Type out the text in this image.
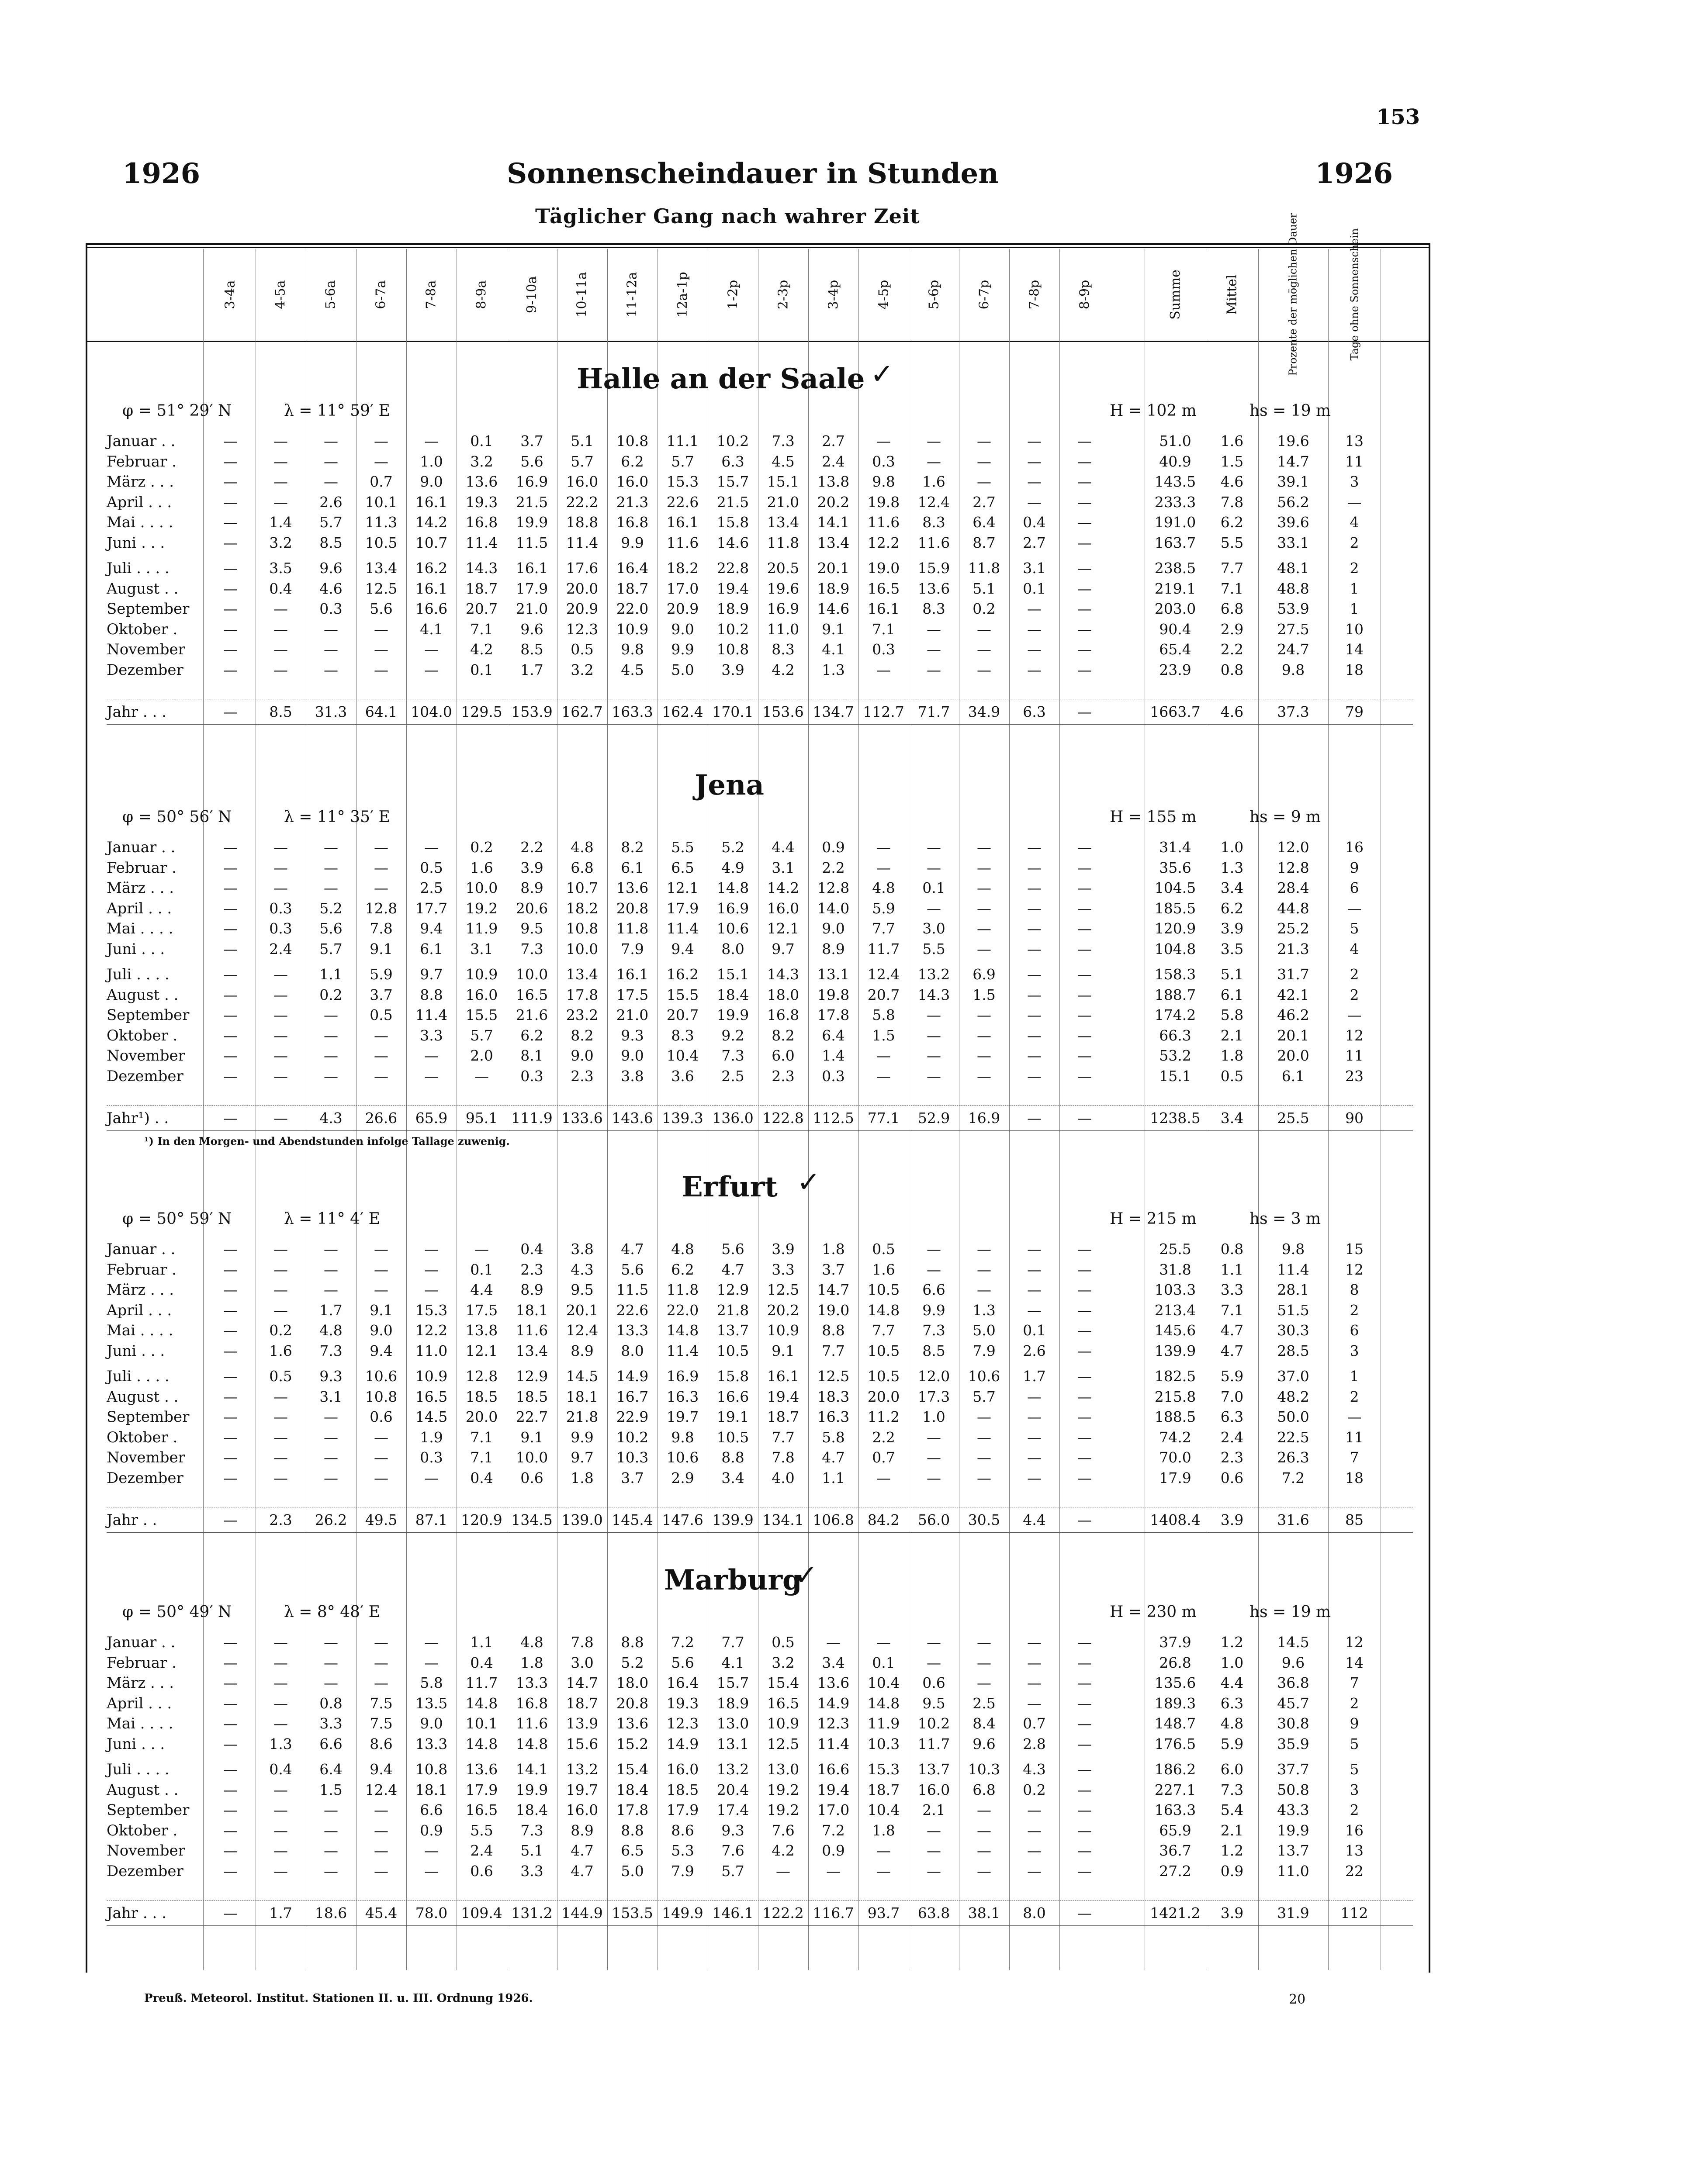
153
1926	Sonnenscheindauer in Stunden	1926
Täglicher Gang nach wahrer Zeit
3-4a	4-5a	5-6a	6-7a	7-8a	8-9a	9-10a	10-11a	11-12a	12a-1p	1-2p	2-3p	3-4p	4-5p	5-6p	6-7p	7-8p	8-9p	Summe	Mittel	Prozente der möglichen Dauer	Tage ohne Sonnenschein
Halle an der Saale ✓
φ = 51° 29′ N	λ = 11° 59′ E	H = 102 m	hs = 19 m
Januar . .	—	—	—	—	—	0.1	3.7	5.1	10.8	11.1	10.2	7.3	2.7	—	—	—	—	—	51.0	1.6	19.6	13
Februar .	—	—	—	—	1.0	3.2	5.6	5.7	6.2	5.7	6.3	4.5	2.4	0.3	—	—	—	—	40.9	1.5	14.7	11
März . . .	—	—	—	0.7	9.0	13.6	16.9	16.0	16.0	15.3	15.7	15.1	13.8	9.8	1.6	—	—	—	143.5	4.6	39.1	3
April . . .	—	—	2.6	10.1	16.1	19.3	21.5	22.2	21.3	22.6	21.5	21.0	20.2	19.8	12.4	2.7	—	—	233.3	7.8	56.2	—
Mai . . . .	—	1.4	5.7	11.3	14.2	16.8	19.9	18.8	16.8	16.1	15.8	13.4	14.1	11.6	8.3	6.4	0.4	—	191.0	6.2	39.6	4
Juni . . .	—	3.2	8.5	10.5	10.7	11.4	11.5	11.4	9.9	11.6	14.6	11.8	13.4	12.2	11.6	8.7	2.7	—	163.7	5.5	33.1	2
Juli . . . .	—	3.5	9.6	13.4	16.2	14.3	16.1	17.6	16.4	18.2	22.8	20.5	20.1	19.0	15.9	11.8	3.1	—	238.5	7.7	48.1	2
August . .	—	0.4	4.6	12.5	16.1	18.7	17.9	20.0	18.7	17.0	19.4	19.6	18.9	16.5	13.6	5.1	0.1	—	219.1	7.1	48.8	1
September	—	—	0.3	5.6	16.6	20.7	21.0	20.9	22.0	20.9	18.9	16.9	14.6	16.1	8.3	0.2	—	—	203.0	6.8	53.9	1
Oktober .	—	—	—	—	4.1	7.1	9.6	12.3	10.9	9.0	10.2	11.0	9.1	7.1	—	—	—	—	90.4	2.9	27.5	10
November	—	—	—	—	—	4.2	8.5	0.5	9.8	9.9	10.8	8.3	4.1	0.3	—	—	—	—	65.4	2.2	24.7	14
Dezember	—	—	—	—	—	0.1	1.7	3.2	4.5	5.0	3.9	4.2	1.3	—	—	—	—	—	23.9	0.8	9.8	18
Jahr . . .	—	8.5	31.3	64.1 104.0 129.5 153.9 162.7 163.3 162.4 170.1 153.6 134.7 112.7 71.7	34.9	6.3	—	1663.7	4.6	37.3	79
Jena
φ = 50° 56′ N	λ = 11° 35′ E	H = 155 m	hs = 9 m
Januar . .	—	—	—	—	—	0.2	2.2	4.8	8.2	5.5	5.2	4.4	0.9	—	—	—	—	—	31.4	1.0	12.0	16
Februar .	—	—	—	—	0.5	1.6	3.9	6.8	6.1	6.5	4.9	3.1	2.2	—	—	—	—	—	35.6	1.3	12.8	9
März . . .	—	—	—	—	2.5	10.0	8.9	10.7	13.6	12.1	14.8	14.2	12.8	4.8	0.1	—	—	—	104.5	3.4	28.4	6
April . . .	—	0.3	5.2	12.8	17.7	19.2	20.6	18.2	20.8	17.9	16.9	16.0	14.0	5.9	—	—	—	—	185.5	6.2	44.8	—
Mai . . . .	—	0.3	5.6	7.8	9.4	11.9	9.5	10.8	11.8	11.4	10.6	12.1	9.0	7.7	3.0	—	—	—	120.9	3.9	25.2	5
Juni . . .	—	2.4	5.7	9.1	6.1	3.1	7.3	10.0	7.9	9.4	8.0	9.7	8.9	11.7	5.5	—	—	—	104.8	3.5	21.3	4
Juli . . . .	—	—	1.1	5.9	9.7	10.9	10.0	13.4	16.1	16.2	15.1	14.3	13.1	12.4	13.2	6.9	—	—	158.3	5.1	31.7	2
August . .	—	—	0.2	3.7	8.8	16.0	16.5	17.8	17.5	15.5	18.4	18.0	19.8	20.7	14.3	1.5	—	—	188.7	6.1	42.1	2
September	—	—	—	0.5	11.4	15.5	21.6	23.2	21.0	20.7	19.9	16.8	17.8	5.8	—	—	—	—	174.2	5.8	46.2	—
Oktober .	—	—	—	—	3.3	5.7	6.2	8.2	9.3	8.3	9.2	8.2	6.4	1.5	—	—	—	—	66.3	2.1	20.1	12
November	—	—	—	—	—	2.0	8.1	9.0	9.0	10.4	7.3	6.0	1.4	—	—	—	—	—	53.2	1.8	20.0	11
Dezember	—	—	—	—	—	—	0.3	2.3	3.8	3.6	2.5	2.3	0.3	—	—	—	—	—	15.1	0.5	6.1	23
Jahr¹) . .	—	—	4.3	26.6	65.9	95.1 111.9 133.6 143.6 139.3 136.0 122.8 112.5 77.1	52.9	16.9	—	—	1238.5	3.4	25.5	90
¹) In den Morgen- und Abendstunden infolge Tallage zuwenig.
Erfurt ✓
φ = 50° 59′ N	λ = 11° 4′ E	H = 215 m	hs = 3 m
Januar . .	—	—	—	—	—	—	0.4	3.8	4.7	4.8	5.6	3.9	1.8	0.5	—	—	—	—	25.5	0.8	9.8	15
Februar .	—	—	—	—	—	0.1	2.3	4.3	5.6	6.2	4.7	3.3	3.7	1.6	—	—	—	—	31.8	1.1	11.4	12
März . . .	—	—	—	—	—	4.4	8.9	9.5	11.5	11.8	12.9	12.5	14.7	10.5	6.6	—	—	—	103.3	3.3	28.1	8
April . . .	—	—	1.7	9.1	15.3	17.5	18.1	20.1	22.6	22.0	21.8	20.2	19.0	14.8	9.9	1.3	—	—	213.4	7.1	51.5	2
Mai . . . .	—	0.2	4.8	9.0	12.2	13.8	11.6	12.4	13.3	14.8	13.7	10.9	8.8	7.7	7.3	5.0	0.1	—	145.6	4.7	30.3	6
Juni . . .	—	1.6	7.3	9.4	11.0	12.1	13.4	8.9	8.0	11.4	10.5	9.1	7.7	10.5	8.5	7.9	2.6	—	139.9	4.7	28.5	3
Juli . . . .	—	0.5	9.3	10.6	10.9	12.8	12.9	14.5	14.9	16.9	15.8	16.1	12.5	10.5	12.0	10.6	1.7	—	182.5	5.9	37.0	1
August . .	—	—	3.1	10.8	16.5	18.5	18.5	18.1	16.7	16.3	16.6	19.4	18.3	20.0	17.3	5.7	—	—	215.8	7.0	48.2	2
September	—	—	—	0.6	14.5	20.0	22.7	21.8	22.9	19.7	19.1	18.7	16.3	11.2	1.0	—	—	—	188.5	6.3	50.0	—
Oktober .	—	—	—	—	1.9	7.1	9.1	9.9	10.2	9.8	10.5	7.7	5.8	2.2	—	—	—	—	74.2	2.4	22.5	11
November	—	—	—	—	0.3	7.1	10.0	9.7	10.3	10.6	8.8	7.8	4.7	0.7	—	—	—	—	70.0	2.3	26.3	7
Dezember	—	—	—	—	—	0.4	0.6	1.8	3.7	2.9	3.4	4.0	1.1	—	—	—	—	—	17.9	0.6	7.2	18
Jahr . .	—	2.3	26.2	49.5	87.1 120.9 134.5 139.0 145.4 147.6 139.9 134.1 106.8 84.2	56.0	30.5	4.4	—	1408.4	3.9	31.6	85
Marburg
✓
φ = 50° 49′ N	λ = 8° 48′ E	H = 230 m	hs = 19 m
Januar . .	—	—	—	—	—	1.1	4.8	7.8	8.8	7.2	7.7	0.5	—	—	—	—	—	—	37.9	1.2	14.5	12
Februar .	—	—	—	—	—	0.4	1.8	3.0	5.2	5.6	4.1	3.2	3.4	0.1	—	—	—	—	26.8	1.0	9.6	14
März . . .	—	—	—	—	5.8	11.7	13.3	14.7	18.0	16.4	15.7	15.4	13.6	10.4	0.6	—	—	—	135.6	4.4	36.8	7
April . . .	—	—	0.8	7.5	13.5	14.8	16.8	18.7	20.8	19.3	18.9	16.5	14.9	14.8	9.5	2.5	—	—	189.3	6.3	45.7	2
Mai . . . .	—	—	3.3	7.5	9.0	10.1	11.6	13.9	13.6	12.3	13.0	10.9	12.3	11.9	10.2	8.4	0.7	—	148.7	4.8	30.8	9
Juni . . .	—	1.3	6.6	8.6	13.3	14.8	14.8	15.6	15.2	14.9	13.1	12.5	11.4	10.3	11.7	9.6	2.8	—	176.5	5.9	35.9	5
Juli . . . .	—	0.4	6.4	9.4	10.8	13.6	14.1	13.2	15.4	16.0	13.2	13.0	16.6	15.3	13.7	10.3	4.3	—	186.2	6.0	37.7	5
August . .	—	—	1.5	12.4	18.1	17.9	19.9	19.7	18.4	18.5	20.4	19.2	19.4	18.7	16.0	6.8	0.2	—	227.1	7.3	50.8	3
September	—	—	—	—	6.6	16.5	18.4	16.0	17.8	17.9	17.4	19.2	17.0	10.4	2.1	—	—	—	163.3	5.4	43.3	2
Oktober .	—	—	—	—	0.9	5.5	7.3	8.9	8.8	8.6	9.3	7.6	7.2	1.8	—	—	—	—	65.9	2.1	19.9	16
November	—	—	—	—	—	2.4	5.1	4.7	6.5	5.3	7.6	4.2	0.9	—	—	—	—	—	36.7	1.2	13.7	13
Dezember	—	—	—	—	—	0.6	3.3	4.7	5.0	7.9	5.7	—	—	—	—	—	—	—	27.2	0.9	11.0	22
Jahr . . .	—	1.7	18.6	45.4	78.0 109.4 131.2 144.9 153.5 149.9 146.1 122.2 116.7 93.7	63.8	38.1	8.0	—	1421.2	3.9	31.9	112
Preuß. Meteorol. Institut. Stationen II. u. III. Ordnung 1926.	20
